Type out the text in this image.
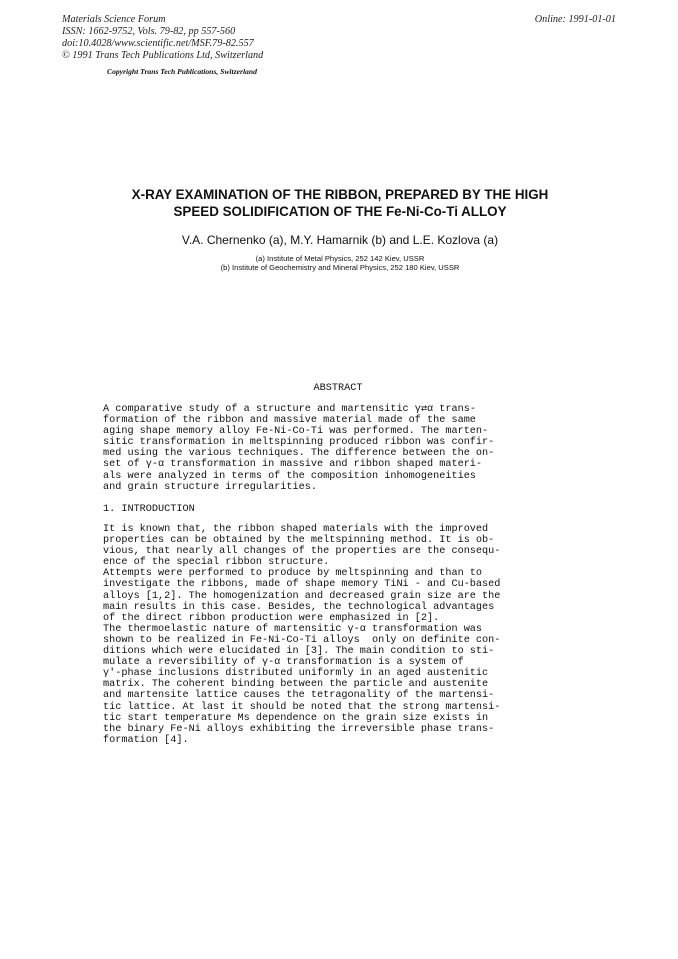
Materials Science Forum
ISSN: 1662-9752, Vols. 79-82, pp 557-560
doi:10.4028/www.scientific.net/MSF.79-82.557
© 1991 Trans Tech Publications Ltd, Switzerland
Online: 1991-01-01
Copyright Trans Tech Publications, Switzerland
X-RAY EXAMINATION OF THE RIBBON, PREPARED BY THE HIGH
SPEED SOLIDIFICATION OF THE Fe-Ni-Co-Ti ALLOY
V.A. Chernenko (a), M.Y. Hamarnik (b) and L.E. Kozlova (a)
(a) Institute of Metal Physics, 252 142 Kiev, USSR
(b) Institute of Geochemistry and Mineral Physics, 252 180 Kiev, USSR
ABSTRACT
A comparative study of a structure and martensitic γ⇄α trans-
formation of the ribbon and massive material made of the same
aging shape memory alloy Fe-Ni-Co-Ti was performed. The marten-
sitic transformation in meltspinning produced ribbon was confir-
med using the various techniques. The difference between the on-
set of γ-α transformation in massive and ribbon shaped materi-
als were analyzed in terms of the composition inhomogeneities
and grain structure irregularities.
1. INTRODUCTION
It is known that, the ribbon shaped materials with the improved
properties can be obtained by the meltspinning method. It is ob-
vious, that nearly all changes of the properties are the consequ-
ence of the special ribbon structure.
Attempts were performed to produce by meltspinning and than to
investigate the ribbons, made of shape memory TiNi - and Cu-based
alloys [1,2]. The homogenization and decreased grain size are the
main results in this case. Besides, the technological advantages
of the direct ribbon production were emphasized in [2].
The thermoelastic nature of martensitic γ-α transformation was
shown to be realized in Fe-Ni-Co-Ti alloys  only on definite con-
ditions which were elucidated in [3]. The main condition to sti-
mulate a reversibility of γ-α transformation is a system of
γ'-phase inclusions distributed uniformly in an aged austenitic
matrix. The coherent binding between the particle and austenite
and martensite lattice causes the tetragonality of the martensi-
tic lattice. At last it should be noted that the strong martensi-
tic start temperature Ms dependence on the grain size exists in
the binary Fe-Ni alloys exhibiting the irreversible phase trans-
formation [4].
